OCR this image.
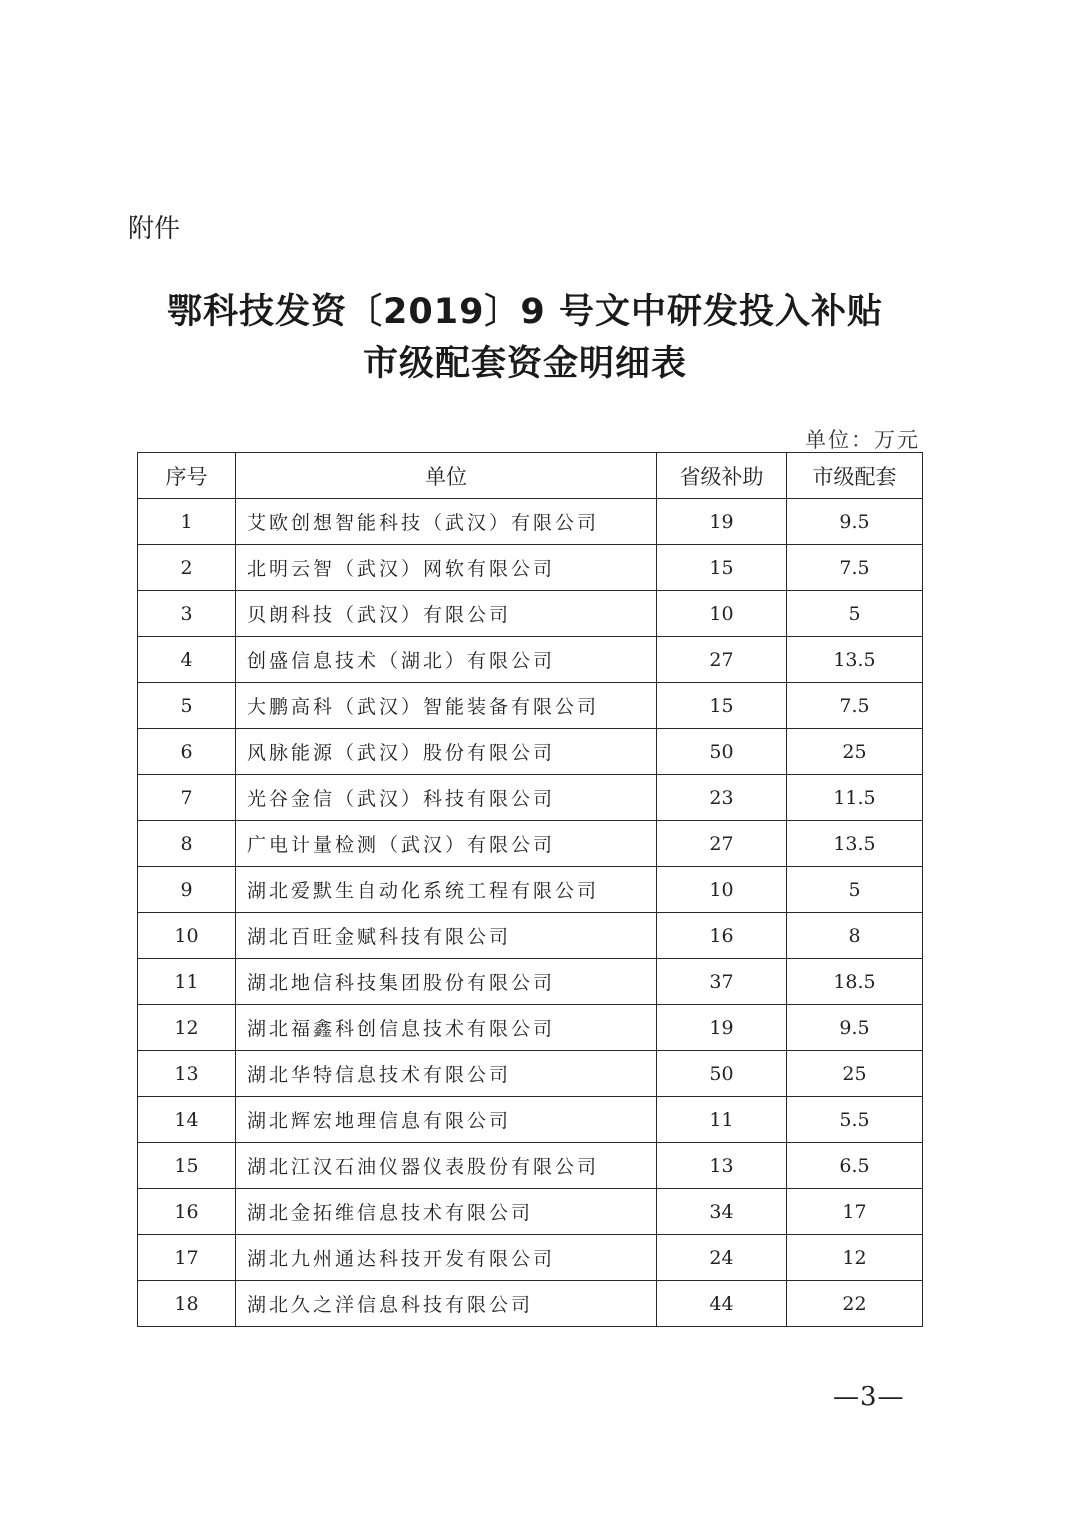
附件
鄂科技发资〔2019〕9 号文中研发投入补贴
市级配套资金明细表
单位：万元
序号	单位	省级补助	市级配套
1	艾欧创想智能科技（武汉）有限公司	19	9.5
2	北明云智（武汉）网软有限公司	15	7.5
3	贝朗科技（武汉）有限公司	10	5
4	创盛信息技术（湖北）有限公司	27	13.5
5	大鹏高科（武汉）智能装备有限公司	15	7.5
6	风脉能源（武汉）股份有限公司	50	25
7	光谷金信（武汉）科技有限公司	23	11.5
8	广电计量检测（武汉）有限公司	27	13.5
9	湖北爱默生自动化系统工程有限公司	10	5
10	湖北百旺金赋科技有限公司	16	8
11	湖北地信科技集团股份有限公司	37	18.5
12	湖北福鑫科创信息技术有限公司	19	9.5
13	湖北华特信息技术有限公司	50	25
14	湖北辉宏地理信息有限公司	11	5.5
15	湖北江汉石油仪器仪表股份有限公司	13	6.5
16	湖北金拓维信息技术有限公司	34	17
17	湖北九州通达科技开发有限公司	24	12
18	湖北久之洋信息科技有限公司	44	22
—3—
